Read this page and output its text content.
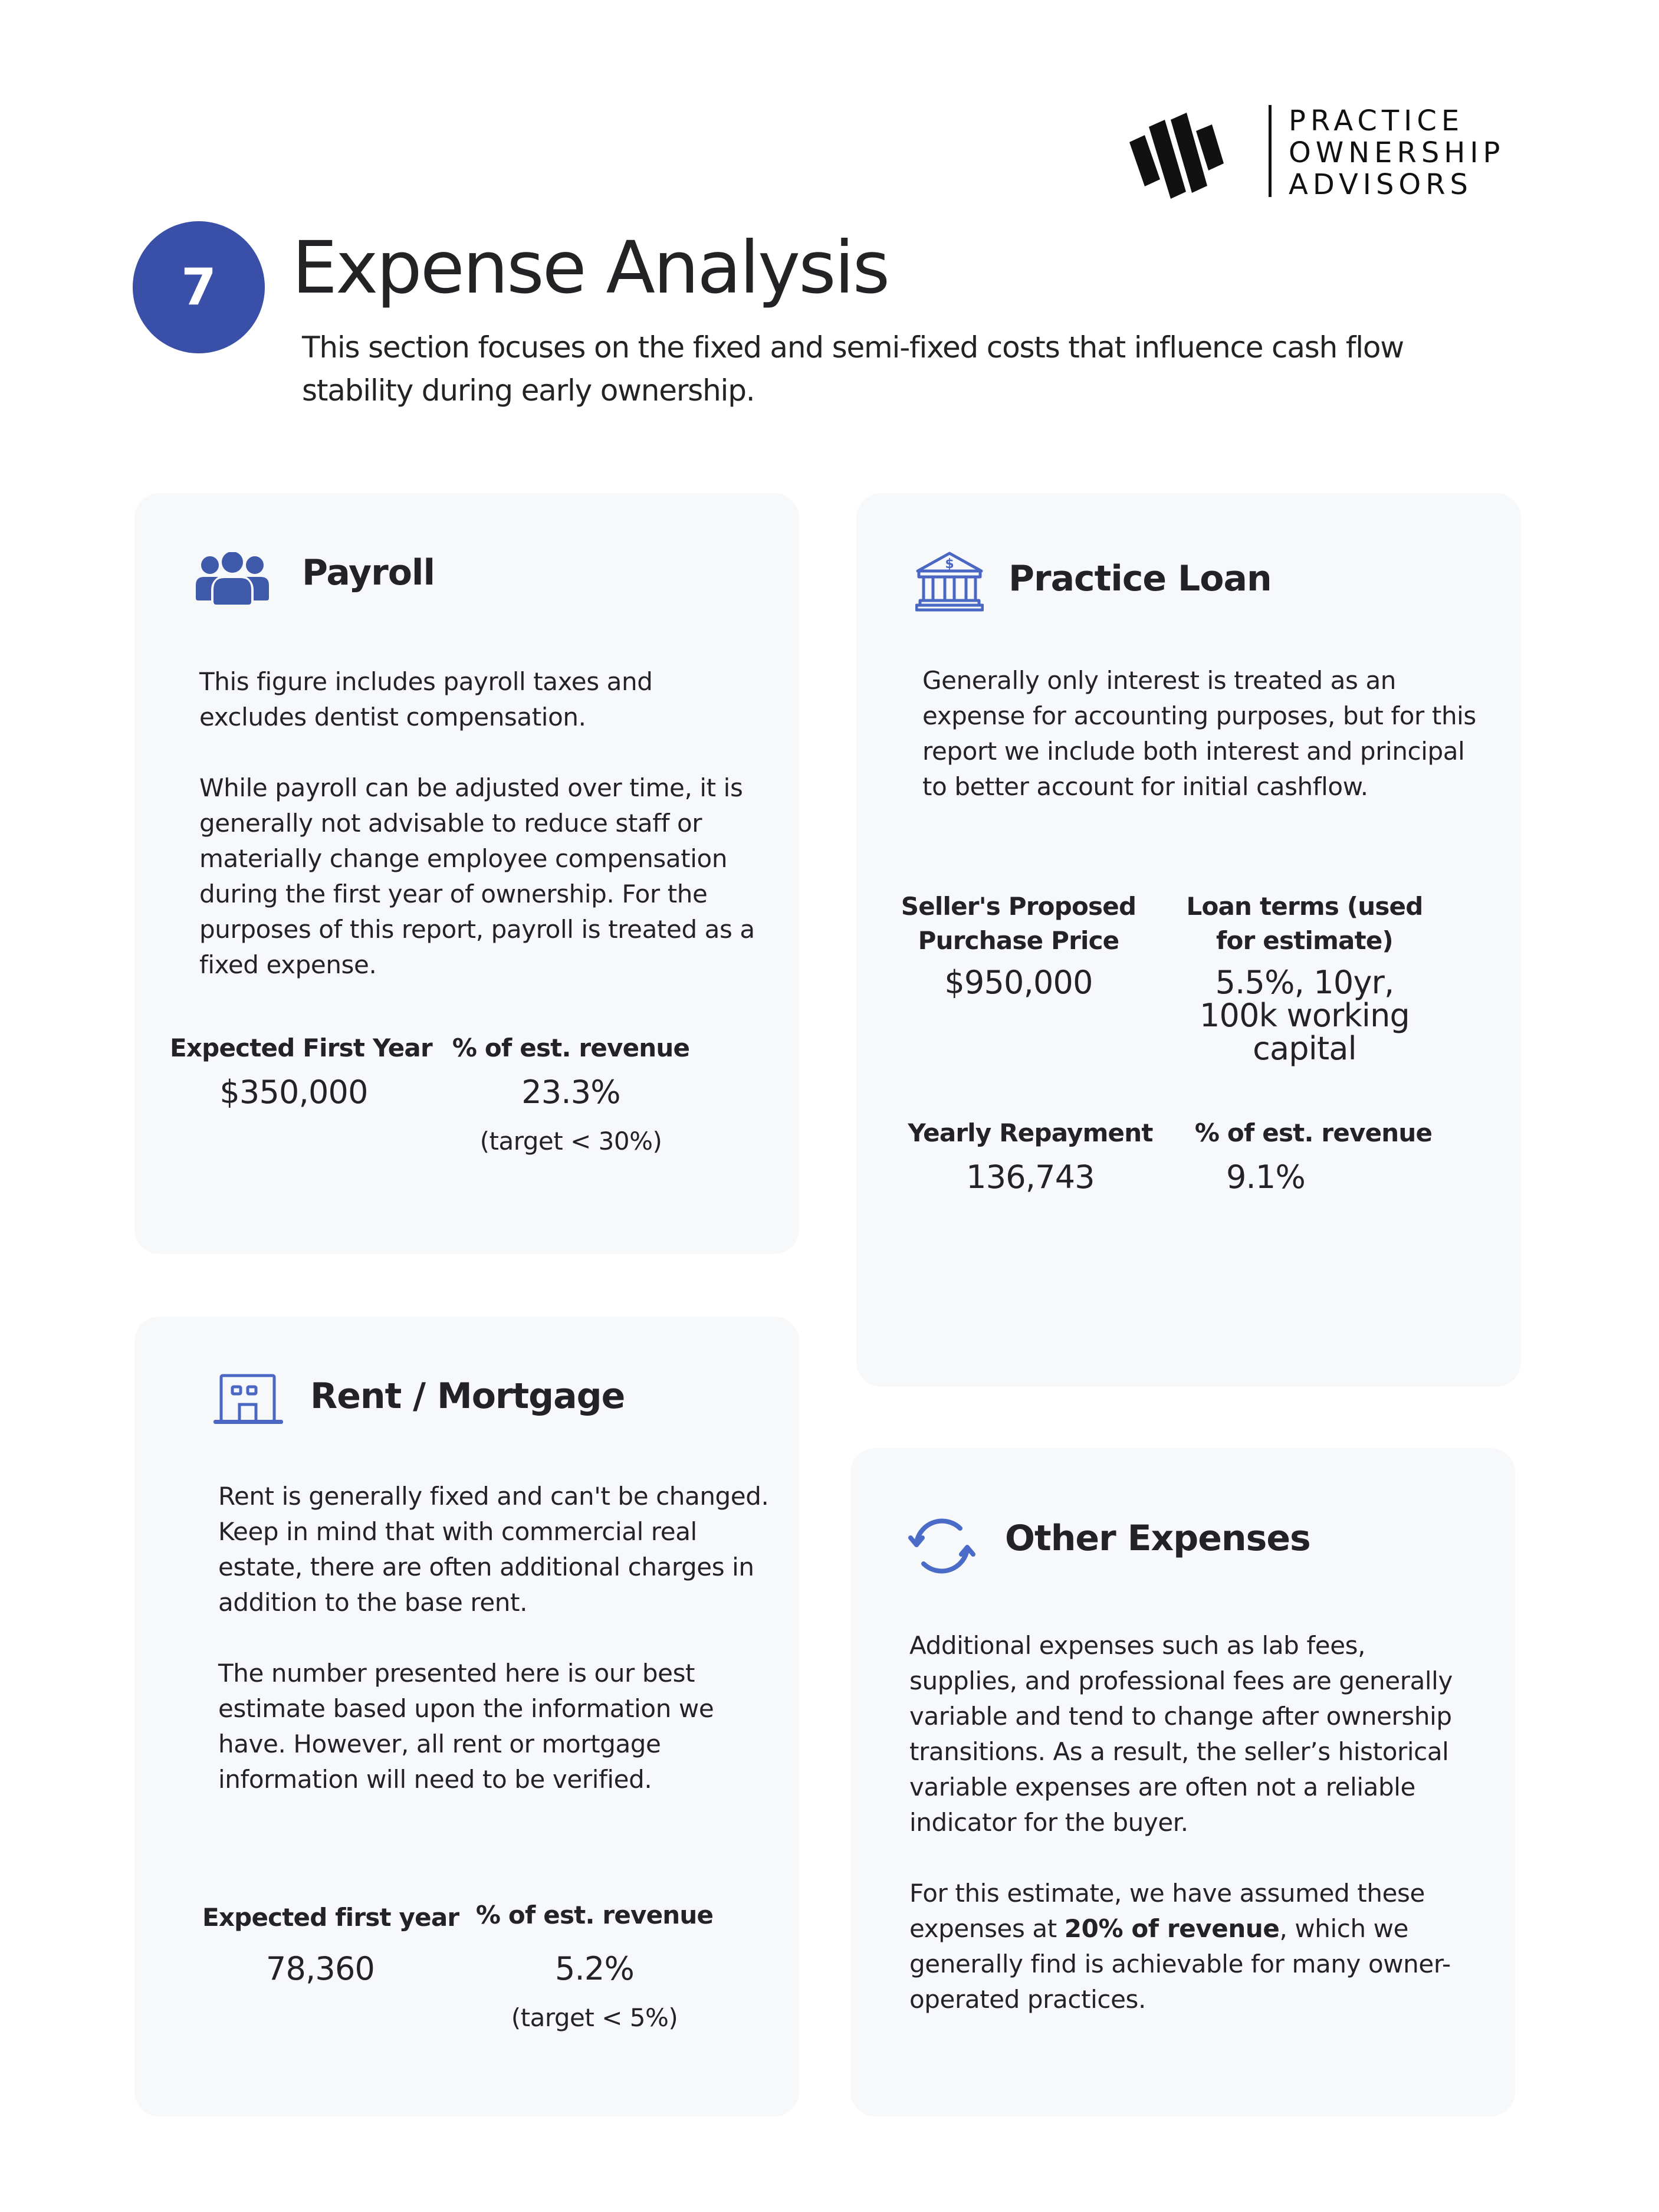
PRACTICE
OWNERSHIP
ADVISORS
7	Expense Analysis

This section focuses on the fixed and semi-fixed costs that influence cash flow stability during early ownership.

Payroll

This figure includes payroll taxes and excludes dentist compensation.

While payroll can be adjusted over time, it is generally not advisable to reduce staff or materially change employee compensation during the first year of ownership. For the purposes of this report, payroll is treated as a fixed expense.

Expected First Year
$350,000
% of est. revenue
23.3%
(target < 30%)
$ Practice Loan

Generally only interest is treated as an expense for accounting purposes, but for this report we include both interest and principal to better account for initial cashflow.

Seller's Proposed
Purchase Price
$950,000
Loan terms (used
for estimate)
5.5%, 10yr,
100k working
capital
Yearly Repayment
136,743
% of est. revenue
9.1%
Rent / Mortgage

Rent is generally fixed and can't be changed. Keep in mind that with commercial real estate, there are often additional charges in addition to the base rent.

The number presented here is our best estimate based upon the information we have. However, all rent or mortgage information will need to be verified.

Expected first year
78,360
% of est. revenue
5.2%
(target < 5%)
Other Expenses

Additional expenses such as lab fees, supplies, and professional fees are generally variable and tend to change after ownership transitions. As a result, the seller’s historical variable expenses are often not a reliable indicator for the buyer.

For this estimate, we have assumed these expenses at 20% of revenue, which we generally find is achievable for many owner-operated practices.
